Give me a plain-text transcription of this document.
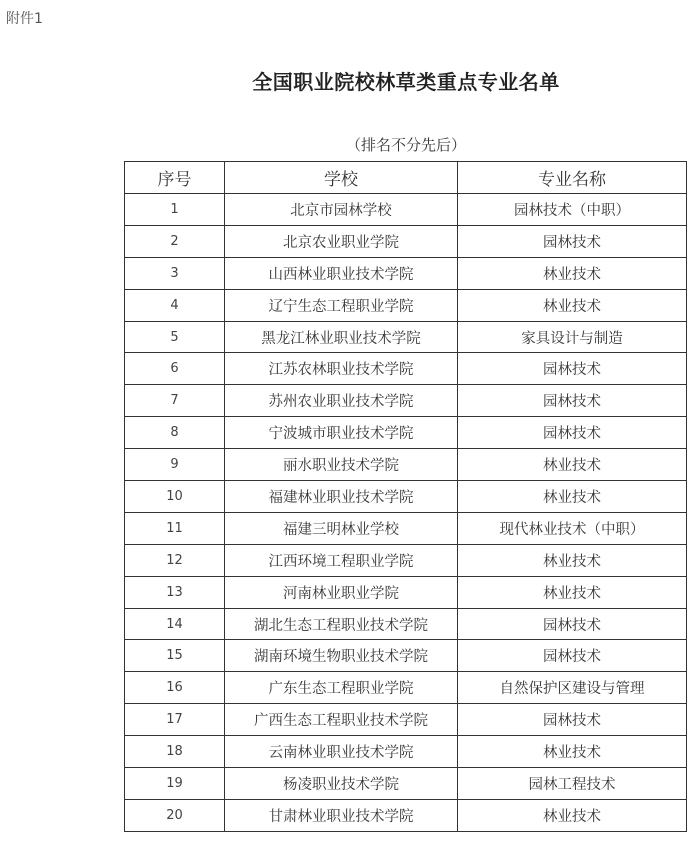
附件1
全国职业院校林草类重点专业名单
（排名不分先后）
序号	学校	专业名称
1	北京市园林学校	园林技术（中职）
2	北京农业职业学院	园林技术
3	山西林业职业技术学院	林业技术
4	辽宁生态工程职业学院	林业技术
5	黑龙江林业职业技术学院	家具设计与制造
6	江苏农林职业技术学院	园林技术
7	苏州农业职业技术学院	园林技术
8	宁波城市职业技术学院	园林技术
9	丽水职业技术学院	林业技术
10	福建林业职业技术学院	林业技术
11	福建三明林业学校	现代林业技术（中职）
12	江西环境工程职业学院	林业技术
13	河南林业职业学院	林业技术
14	湖北生态工程职业技术学院	园林技术
15	湖南环境生物职业技术学院	园林技术
16	广东生态工程职业学院	自然保护区建设与管理
17	广西生态工程职业技术学院	园林技术
18	云南林业职业技术学院	林业技术
19	杨凌职业技术学院	园林工程技术
20	甘肃林业职业技术学院	林业技术
